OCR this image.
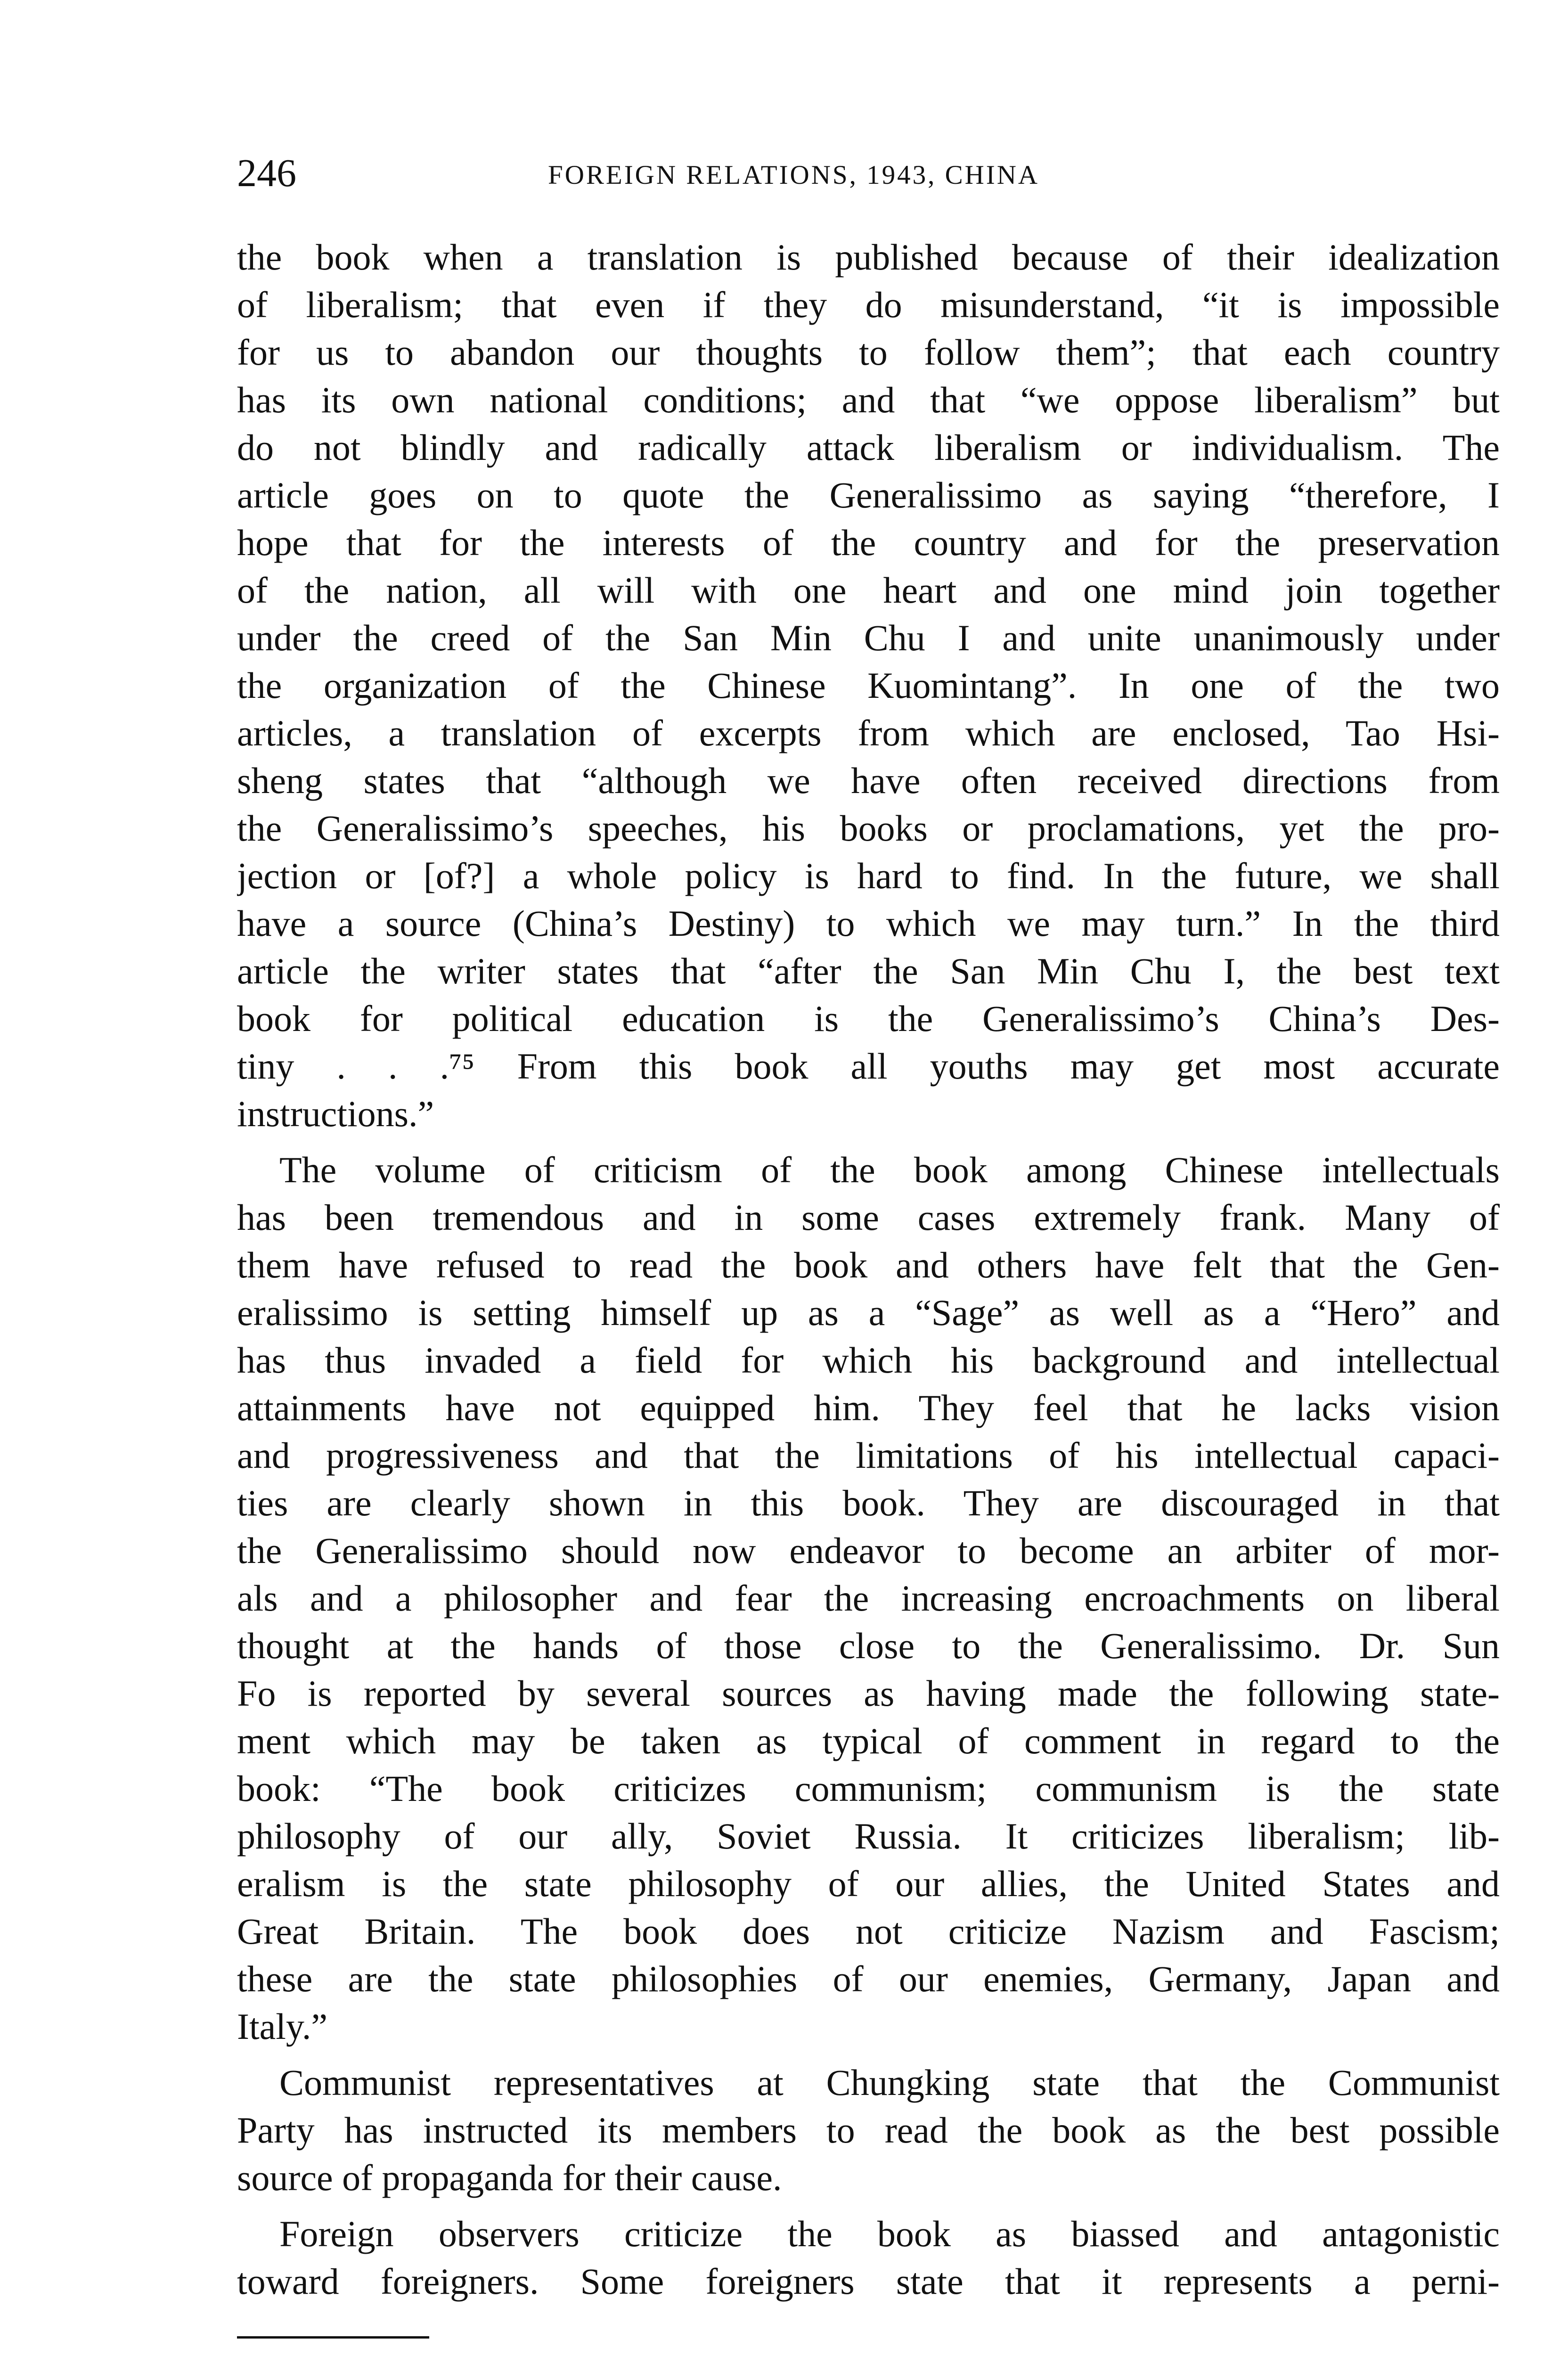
246	FOREIGN RELATIONS, 1943, CHINA
the book when a translation is published because of their idealization
of liberalism; that even if they do misunderstand, “it is impossible
for us to abandon our thoughts to follow them”; that each country
has its own national conditions; and that “we oppose liberalism” but
do not blindly and radically attack liberalism or individualism. The
article goes on to quote the Generalissimo as saying “therefore, I
hope that for the interests of the country and for the preservation
of the nation, all will with one heart and one mind join together
under the creed of the San Min Chu I and unite unanimously under
the organization of the Chinese Kuomintang”. In one of the two
articles, a translation of excerpts from which are enclosed, Tao Hsi-
sheng states that “although we have often received directions from
the Generalissimo’s speeches, his books or proclamations, yet the pro-
jection or [of?] a whole policy is hard to find. In the future, we shall
have a source (China’s Destiny) to which we may turn.” In the third
article the writer states that “after the San Min Chu I, the best text
book for political education is the Generalissimo’s China’s Des-
tiny . . .⁷⁵ From this book all youths may get most accurate
instructions.”
The volume of criticism of the book among Chinese intellectuals
has been tremendous and in some cases extremely frank. Many of
them have refused to read the book and others have felt that the Gen-
eralissimo is setting himself up as a “Sage” as well as a “Hero” and
has thus invaded a field for which his background and intellectual
attainments have not equipped him. They feel that he lacks vision
and progressiveness and that the limitations of his intellectual capaci-
ties are clearly shown in this book. They are discouraged in that
the Generalissimo should now endeavor to become an arbiter of mor-
als and a philosopher and fear the increasing encroachments on liberal
thought at the hands of those close to the Generalissimo. Dr. Sun
Fo is reported by several sources as having made the following state-
ment which may be taken as typical of comment in regard to the
book: “The book criticizes communism; communism is the state
philosophy of our ally, Soviet Russia. It criticizes liberalism; lib-
eralism is the state philosophy of our allies, the United States and
Great Britain. The book does not criticize Nazism and Fascism;
these are the state philosophies of our enemies, Germany, Japan and
Italy.”
Communist representatives at Chungking state that the Communist
Party has instructed its members to read the book as the best possible
source of propaganda for their cause.
Foreign observers criticize the book as biassed and antagonistic
toward foreigners. Some foreigners state that it represents a perni-
